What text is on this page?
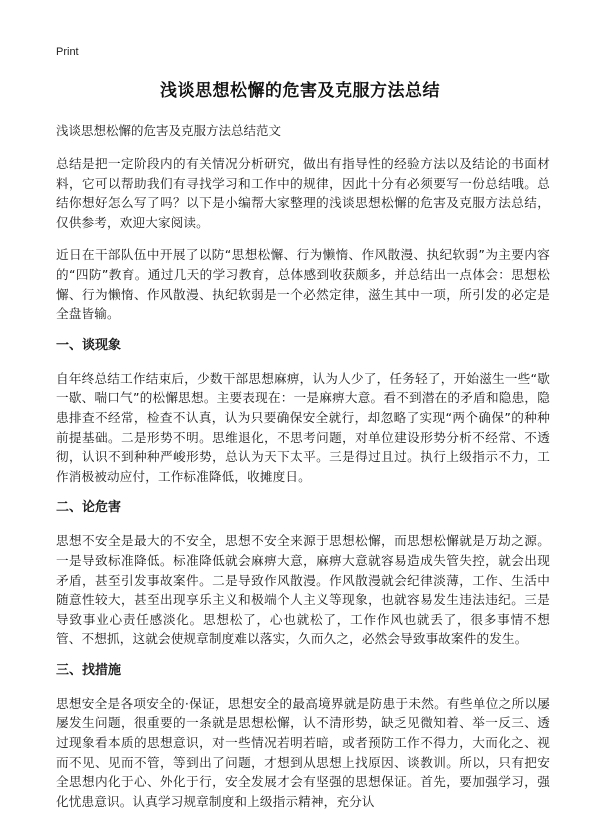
Print
浅谈思想松懈的危害及克服方法总结
浅谈思想松懈的危害及克服方法总结范文

总结是把一定阶段内的有关情况分析研究，做出有指导性的经验方法以及结论的书面材料，它可以帮助我们有寻找学习和工作中的规律，因此十分有必须要写一份总结哦。总结你想好怎么写了吗？以下是小编帮大家整理的浅谈思想松懈的危害及克服方法总结，仅供参考，欢迎大家阅读。

近日在干部队伍中开展了以防“思想松懈、行为懒惰、作风散漫、执纪软弱”为主要内容的“四防”教育。通过几天的学习教育，总体感到收获颇多，并总结出一点体会：思想松懈、行为懒惰、作风散漫、执纪软弱是一个必然定律，滋生其中一项，所引发的必定是全盘皆输。

一、谈现象

自年终总结工作结束后，少数干部思想麻痹，认为人少了，任务轻了，开始滋生一些“歇一歇、喘口气”的松懈思想。主要表现在：一是麻痹大意。看不到潜在的矛盾和隐患，隐患排查不经常，检查不认真，认为只要确保安全就行，却忽略了实现“两个确保”的种种前提基础。二是形势不明。思维退化，不思考问题，对单位建设形势分析不经常、不透彻，认识不到种种严峻形势，总认为天下太平。三是得过且过。执行上级指示不力，工作消极被动应付，工作标准降低，收摊度日。

二、论危害

思想不安全是最大的不安全，思想不安全来源于思想松懈，而思想松懈就是万劫之源。一是导致标准降低。标准降低就会麻痹大意，麻痹大意就容易造成失管失控，就会出现矛盾，甚至引发事故案件。二是导致作风散漫。作风散漫就会纪律淡薄，工作、生活中随意性较大，甚至出现享乐主义和极端个人主义等现象，也就容易发生违法违纪。三是导致事业心责任感淡化。思想松了，心也就松了，工作作风也就丢了，很多事情不想管、不想抓，这就会使规章制度难以落实，久而久之，必然会导致事故案件的发生。

三、找措施

思想安全是各项安全的·保证，思想安全的最高境界就是防患于未然。有些单位之所以屡屡发生问题，很重要的一条就是思想松懈，认不清形势，缺乏见微知着、举一反三、透过现象看本质的思想意识，对一些情况若明若暗，或者预防工作不得力，大而化之、视而不见、见而不管，等到出了问题，才想到从思想上找原因、谈教训。所以，只有把安全思想内化于心、外化于行，安全发展才会有坚强的思想保证。首先，要加强学习，强化忧患意识。认真学习规章制度和上级指示精神，充分认
